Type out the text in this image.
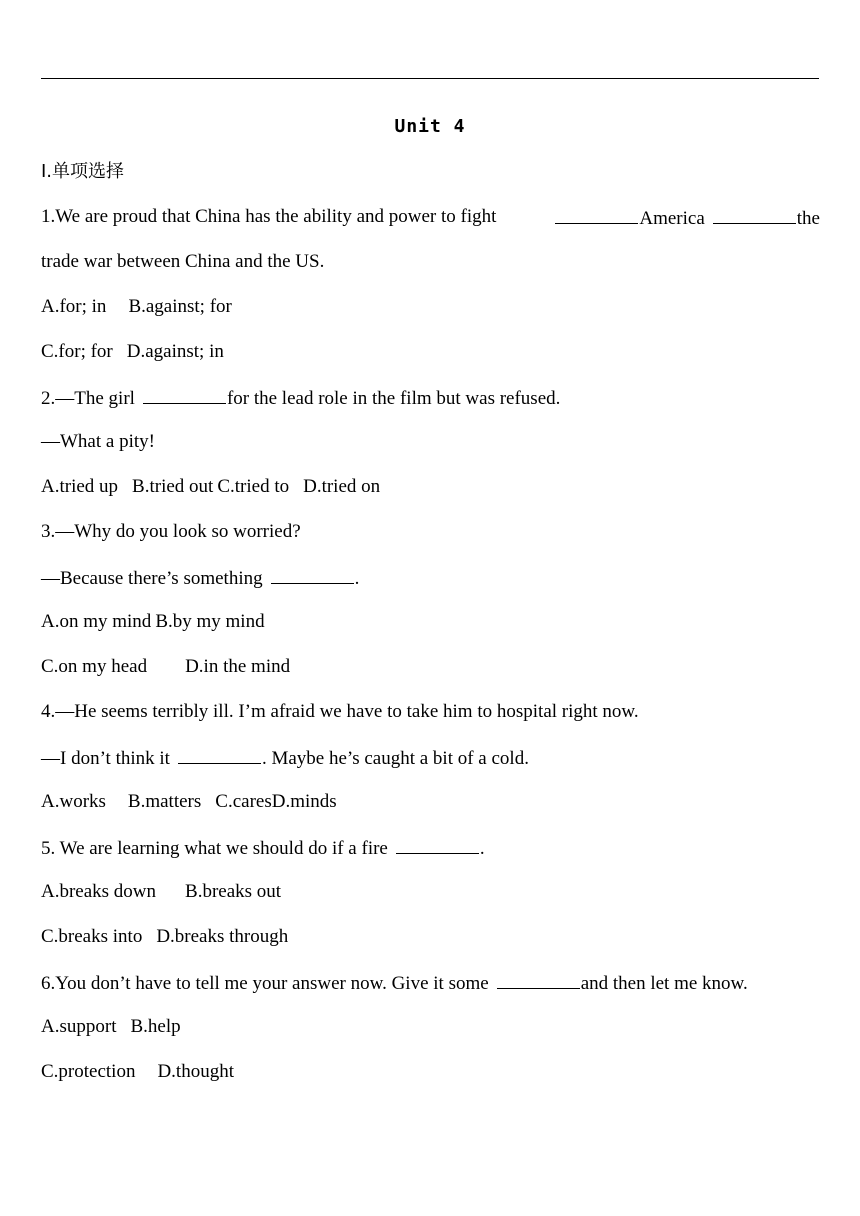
Unit 4
Ⅰ.单项选择
1.We are proud that China has the ability and power to fight	America	the
trade war between China and the US.
A.for; in B.against; for
C.for; for D.against; in
2.—The girl	for the lead role in the film but was refused.
—What a pity!
A.tried up B.tried out C.tried to D.tried on
3.—Why do you look so worried?
—Because there’s something	.
A.on my mind B.by my mind
C.on my head D.in the mind
4.—He seems terribly ill. I’m afraid we have to take him to hospital right now.
—I don’t think it	. Maybe he’s caught a bit of a cold.
A.works B.matters C.caresD.minds
5. We are learning what we should do if a fire	.
A.breaks down B.breaks out
C.breaks into D.breaks through
6.You don’t have to tell me your answer now. Give it some	and then let me know.
A.support B.help
C.protection D.thought
